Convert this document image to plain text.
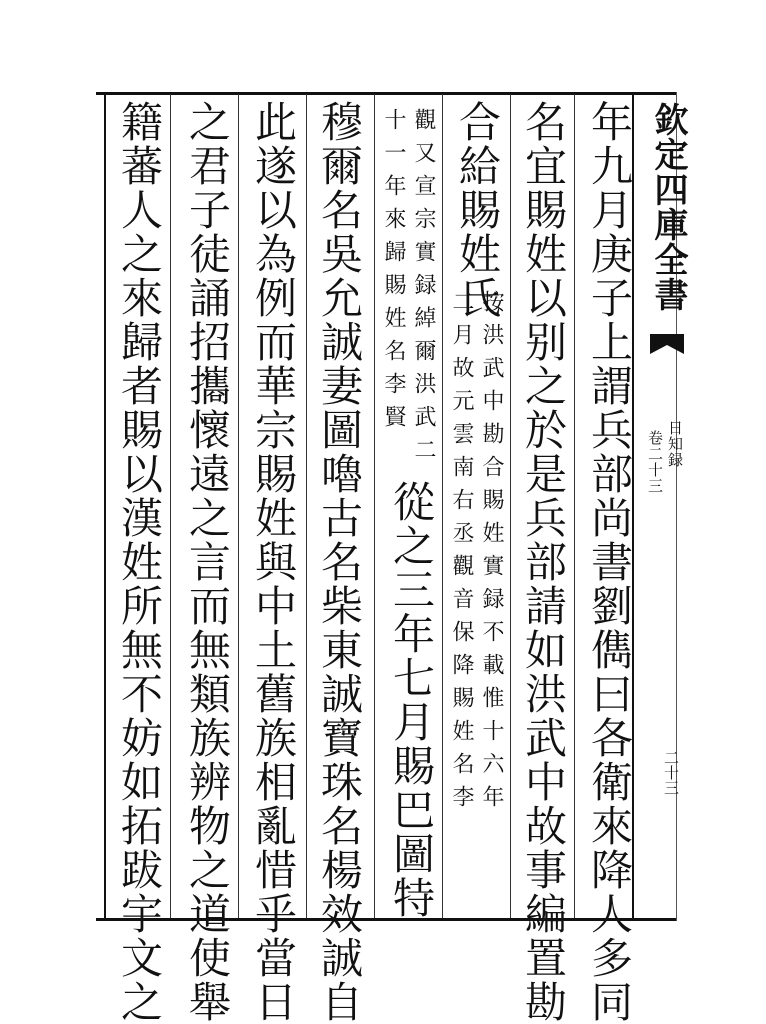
欽定四庫全書
日知録
卷二十三
二十三
年九月庚子上謂兵部尚書劉儁曰各衛來降人多同
名宜賜姓以别之於是兵部請如洪武中故事編置勘
合給賜姓氏
按洪武中勘合賜姓實録不載惟十六年
二月故元雲南右丞觀音保降賜姓名李
從之三年七月賜巴圖特
觀又宣宗實録綽爾洪武二
十一年來歸賜姓名李賢
穆爾名吳允誠妻圖嚕古名柴東誠寶珠名楊效誠自
此遂以為例而華宗賜姓與中土舊族相亂惜乎當日
之君子徒誦招攜懷遠之言而無類族辨物之道使舉
籍蕃人之來歸者賜以漢姓所無不妨如拓跋宇文之
